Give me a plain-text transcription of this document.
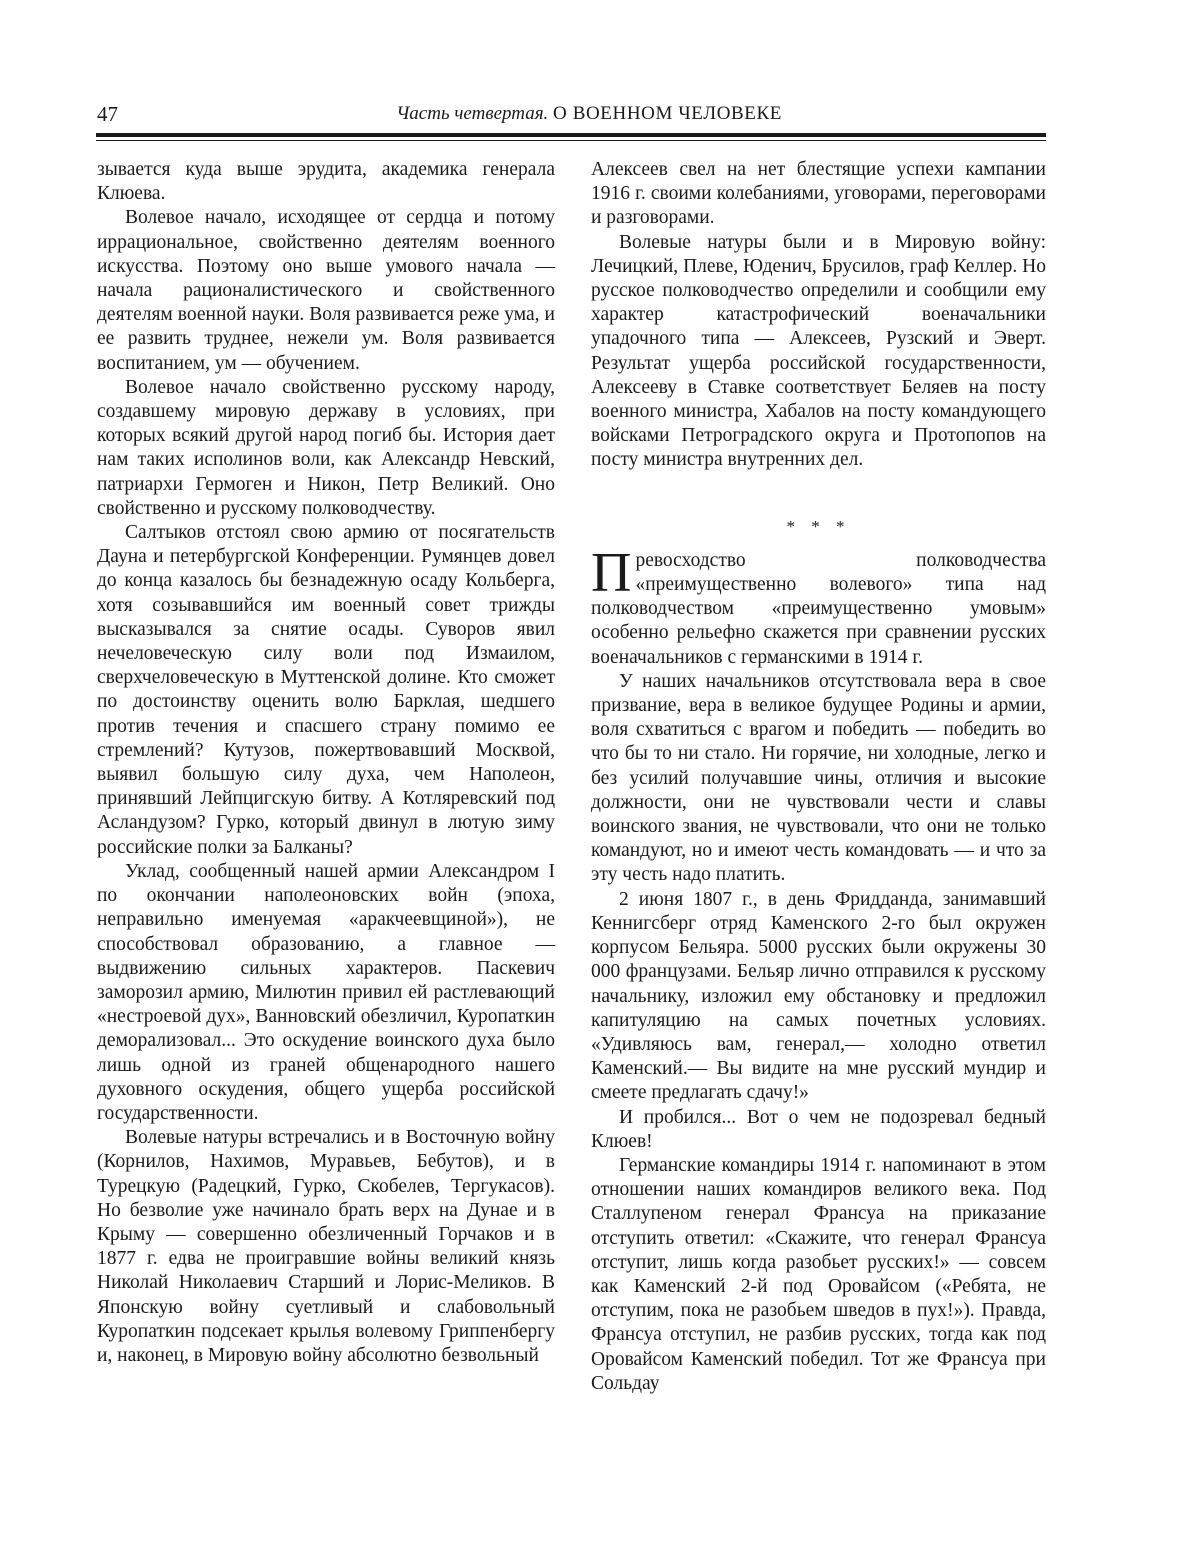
47	Часть четвертая. О ВОЕННОМ ЧЕЛОВЕКЕ

зывается куда выше эрудита, академика генерала Клюева.

Волевое начало, исходящее от сердца и потому иррациональное, свойственно деятелям военного искусства. Поэтому оно выше умового начала — начала рационалистического и свойственного деятелям военной науки. Воля развивается реже ума, и ее развить труднее, нежели ум. Воля развивается воспитанием, ум — обучением.

Волевое начало свойственно русскому народу, создавшему мировую державу в условиях, при которых всякий другой народ погиб бы. История дает нам таких исполинов воли, как Александр Невский, патриархи Гермоген и Никон, Петр Великий. Оно свойственно и русскому полководчеству.

Салтыков отстоял свою армию от посягательств Дауна и петербургской Конференции. Румянцев довел до конца казалось бы безнадежную осаду Кольберга, хотя созывавшийся им военный совет трижды высказывался за снятие осады. Суворов явил нечеловеческую силу воли под Измаилом, сверхчеловеческую в Муттенской долине. Кто сможет по достоинству оценить волю Барклая, шедшего против течения и спасшего страну помимо ее стремлений? Кутузов, пожертвовавший Москвой, выявил большую силу духа, чем Наполеон, принявший Лейпцигскую битву. А Котляревский под Асландузом? Гурко, который двинул в лютую зиму российские полки за Балканы?

Уклад, сообщенный нашей армии Александром I по окончании наполеоновских войн (эпоха, неправильно именуемая «аракчеевщиной»), не способствовал образованию, а главное — выдвижению сильных характеров. Паскевич заморозил армию, Милютин привил ей растлевающий «нестроевой дух», Ванновский обезличил, Куропаткин деморализовал... Это оскудение воинского духа было лишь одной из граней общенародного нашего духовного оскудения, общего ущерба российской государственности.

Волевые натуры встречались и в Восточную войну (Корнилов, Нахимов, Муравьев, Бебутов), и в Турецкую (Радецкий, Гурко, Скобелев, Тергукасов). Но безволие уже начинало брать верх на Дунае и в Крыму — совершенно обезличенный Горчаков и в 1877 г. едва не проигравшие войны великий князь Николай Николаевич Старший и Лорис-Меликов. В Японскую войну суетливый и слабовольный Куропаткин подсекает крылья волевому Гриппенбергу и, наконец, в Мировую войну абсолютно безвольный

Алексеев свел на нет блестящие успехи кампании 1916 г. своими колебаниями, уговорами, переговорами и разговорами.

Волевые натуры были и в Мировую войну: Лечицкий, Плеве, Юденич, Брусилов, граф Келлер. Но русское полководчество определили и сообщили ему характер катастрофический военачальники упадочного типа — Алексеев, Рузский и Эверт. Результат ущерба российской государственности, Алексееву в Ставке соответствует Беляев на посту военного министра, Хабалов на посту командующего войсками Петроградского округа и Протопопов на посту министра внутренних дел.

* * *

Превосходство полководчества «преимущественно волевого» типа над полководчеством «преимущественно умовым» особенно рельефно скажется при сравнении русских военачальников с германскими в 1914 г.

У наших начальников отсутствовала вера в свое призвание, вера в великое будущее Родины и армии, воля схватиться с врагом и победить — победить во что бы то ни стало. Ни горячие, ни холодные, легко и без усилий получавшие чины, отличия и высокие должности, они не чувствовали чести и славы воинского звания, не чувствовали, что они не только командуют, но и имеют честь командовать — и что за эту честь надо платить.

2 июня 1807 г., в день Фридданда, занимавший Кеннигсберг отряд Каменского 2-го был окружен корпусом Бельяра. 5000 русских были окружены 30 000 французами. Бельяр лично отправился к русскому начальнику, изложил ему обстановку и предложил капитуляцию на самых почетных условиях. «Удивляюсь вам, генерал,— холодно ответил Каменский.— Вы видите на мне русский мундир и смеете предлагать сдачу!»

И пробился... Вот о чем не подозревал бедный Клюев!

Германские командиры 1914 г. напоминают в этом отношении наших командиров великого века. Под Сталлупеном генерал Франсуа на приказание отступить ответил: «Скажите, что генерал Франсуа отступит, лишь когда разобьет русских!» — совсем как Каменский 2-й под Оровайсом («Ребята, не отступим, пока не разобьем шведов в пух!»). Правда, Франсуа отступил, не разбив русских, тогда как под Оровайсом Каменский победил. Тот же Франсуа при Сольдау
